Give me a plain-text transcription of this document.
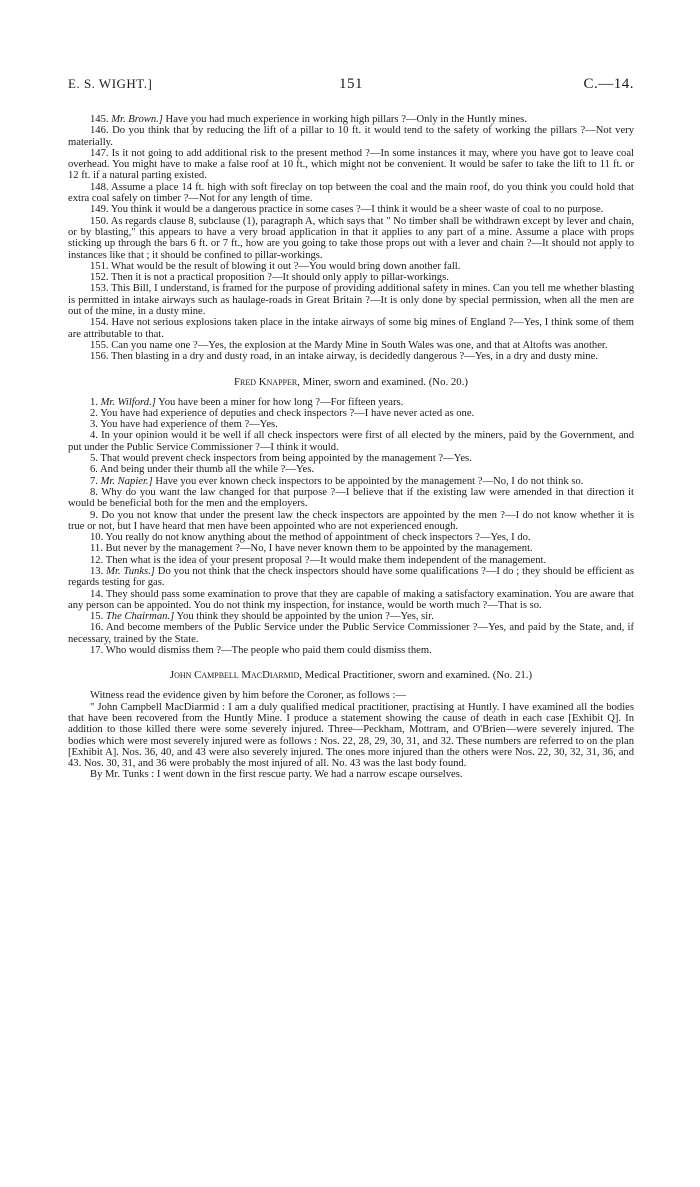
E. S. WIGHT.]	151	C.—14.

145. Mr. Brown.] Have you had much experience in working high pillars ?—Only in the Huntly mines.

146. Do you think that by reducing the lift of a pillar to 10 ft. it would tend to the safety of working the pillars ?—Not very materially.

147. Is it not going to add additional risk to the present method ?—In some instances it may, where you have got to leave coal overhead. You might have to make a false roof at 10 ft., which might not be convenient. It would be safer to take the lift to 11 ft. or 12 ft. if a natural parting existed.

148. Assume a place 14 ft. high with soft fireclay on top between the coal and the main roof, do you think you could hold that extra coal safely on timber ?—Not for any length of time.

149. You think it would be a dangerous practice in some cases ?—I think it would be a sheer waste of coal to no purpose.

150. As regards clause 8, subclause (1), paragraph A, which says that " No timber shall be withdrawn except by lever and chain, or by blasting," this appears to have a very broad application in that it applies to any part of a mine. Assume a place with props sticking up through the bars 6 ft. or 7 ft., how are you going to take those props out with a lever and chain ?—It should not apply to instances like that ; it should be confined to pillar-workings.

151. What would be the result of blowing it out ?—You would bring down another fall.

152. Then it is not a practical proposition ?—It should only apply to pillar-workings.

153. This Bill, I understand, is framed for the purpose of providing additional safety in mines. Can you tell me whether blasting is permitted in intake airways such as haulage-roads in Great Britain ?—It is only done by special permission, when all the men are out of the mine, in a dusty mine.

154. Have not serious explosions taken place in the intake airways of some big mines of England ?—Yes, I think some of them are attributable to that.

155. Can you name one ?—Yes, the explosion at the Mardy Mine in South Wales was one, and that at Altofts was another.

156. Then blasting in a dry and dusty road, in an intake airway, is decidedly dangerous ?—Yes, in a dry and dusty mine.

Fred Knapper, Miner, sworn and examined. (No. 20.)

1. Mr. Wilford.] You have been a miner for how long ?—For fifteen years.

2. You have had experience of deputies and check inspectors ?—I have never acted as one.

3. You have had experience of them ?—Yes.

4. In your opinion would it be well if all check inspectors were first of all elected by the miners, paid by the Government, and put under the Public Service Commissioner ?—I think it would.

5. That would prevent check inspectors from being appointed by the management ?—Yes.

6. And being under their thumb all the while ?—Yes.

7. Mr. Napier.] Have you ever known check inspectors to be appointed by the management ?—No, I do not think so.

8. Why do you want the law changed for that purpose ?—I believe that if the existing law were amended in that direction it would be beneficial both for the men and the employers.

9. Do you not know that under the present law the check inspectors are appointed by the men ?—I do not know whether it is true or not, but I have heard that men have been appointed who are not experienced enough.

10. You really do not know anything about the method of appointment of check inspectors ?—Yes, I do.

11. But never by the management ?—No, I have never known them to be appointed by the management.

12. Then what is the idea of your present proposal ?—It would make them independent of the management.

13. Mr. Tunks.] Do you not think that the check inspectors should have some qualifications ?—I do ; they should be efficient as regards testing for gas.

14. They should pass some examination to prove that they are capable of making a satisfactory examination. You are aware that any person can be appointed. You do not think my inspection, for instance, would be worth much ?—That is so.

15. The Chairman.] You think they should be appointed by the union ?—Yes, sir.

16. And become members of the Public Service under the Public Service Commissioner ?—Yes, and paid by the State, and, if necessary, trained by the State.

17. Who would dismiss them ?—The people who paid them could dismiss them.

John Campbell MacDiarmid, Medical Practitioner, sworn and examined. (No. 21.)

Witness read the evidence given by him before the Coroner, as follows :—

" John Campbell MacDiarmid : I am a duly qualified medical practitioner, practising at Huntly. I have examined all the bodies that have been recovered from the Huntly Mine. I produce a statement showing the cause of death in each case [Exhibit Q]. In addition to those killed there were some severely injured. Three—Peckham, Mottram, and O'Brien—were severely injured. The bodies which were most severely injured were as follows : Nos. 22, 28, 29, 30, 31, and 32. These numbers are referred to on the plan [Exhibit A]. Nos. 36, 40, and 43 were also severely injured. The ones more injured than the others were Nos. 22, 30, 32, 31, 36, and 43. Nos. 30, 31, and 36 were probably the most injured of all. No. 43 was the last body found.

By Mr. Tunks : I went down in the first rescue party. We had a narrow escape ourselves.
